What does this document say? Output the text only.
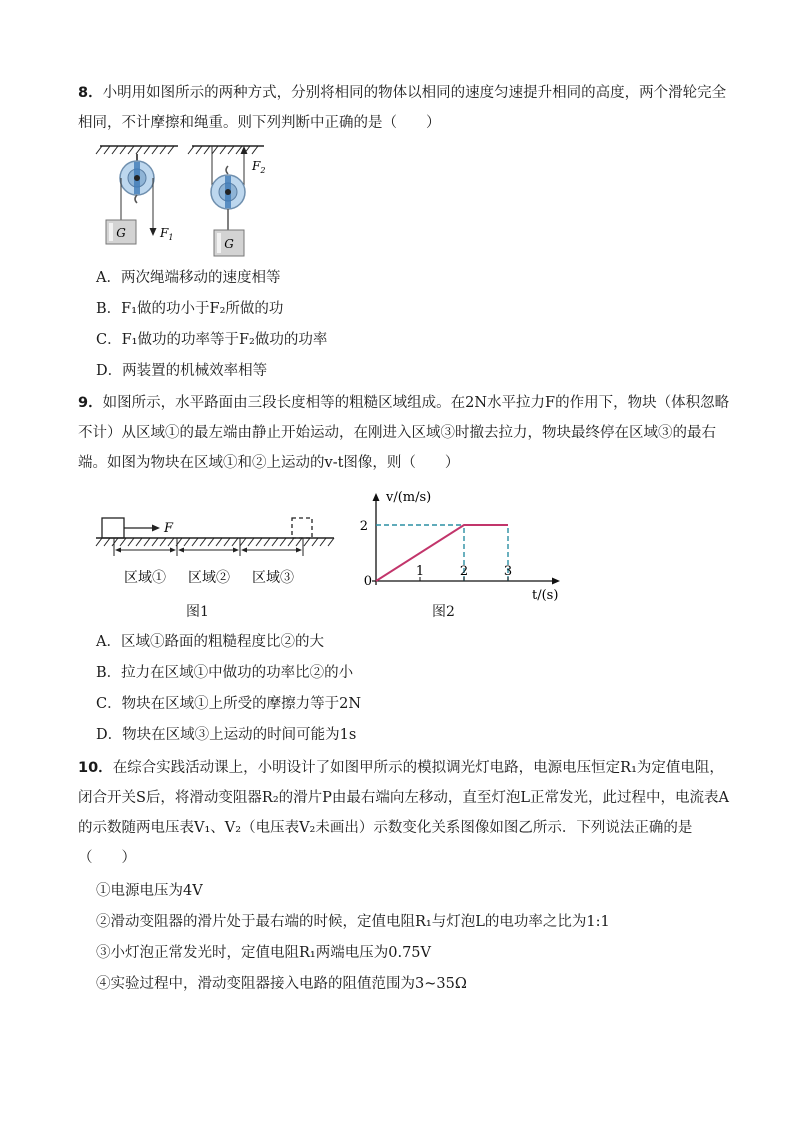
8．小明用如图所示的两种方式，分别将相同的物体以相同的速度匀速提升相同的高度，两个滑轮完全相同，不计摩擦和绳重。则下列判断中正确的是（　　）
G	$F_1$
$F_2$
G
A．两次绳端移动的速度相等
B．F₁做的功小于F₂所做的功
C．F₁做功的功率等于F₂做功的功率
D．两装置的机械效率相等
9．如图所示，水平路面由三段长度相等的粗糙区域组成。在2N水平拉力F的作用下，物块（体积忽略不计）从区域①的最左端由静止开始运动，在刚进入区域③时撤去拉力，物块最终停在区域③的最右端。如图为物块在区域①和②上运动的v-t图像，则（　　）
F
区域① 区域② 区域③
图1
v/(m/s)
t/(s)
0
1	2	3
2
图2
A．区域①路面的粗糙程度比②的大
B．拉力在区域①中做功的功率比②的小
C．物块在区域①上所受的摩擦力等于2N
D．物块在区域③上运动的时间可能为1s
10．在综合实践活动课上，小明设计了如图甲所示的模拟调光灯电路，电源电压恒定R₁为定值电阻，闭合开关S后，将滑动变阻器R₂的滑片P由最右端向左移动，直至灯泡L正常发光，此过程中，电流表A的示数随两电压表V₁、V₂（电压表V₂未画出）示数变化关系图像如图乙所示．下列说法正确的是（　　）
①电源电压为4V
②滑动变阻器的滑片处于最右端的时候，定值电阻R₁与灯泡L的电功率之比为1:1
③小灯泡正常发光时，定值电阻R₁两端电压为0.75V
④实验过程中，滑动变阻器接入电路的阻值范围为3~35Ω
